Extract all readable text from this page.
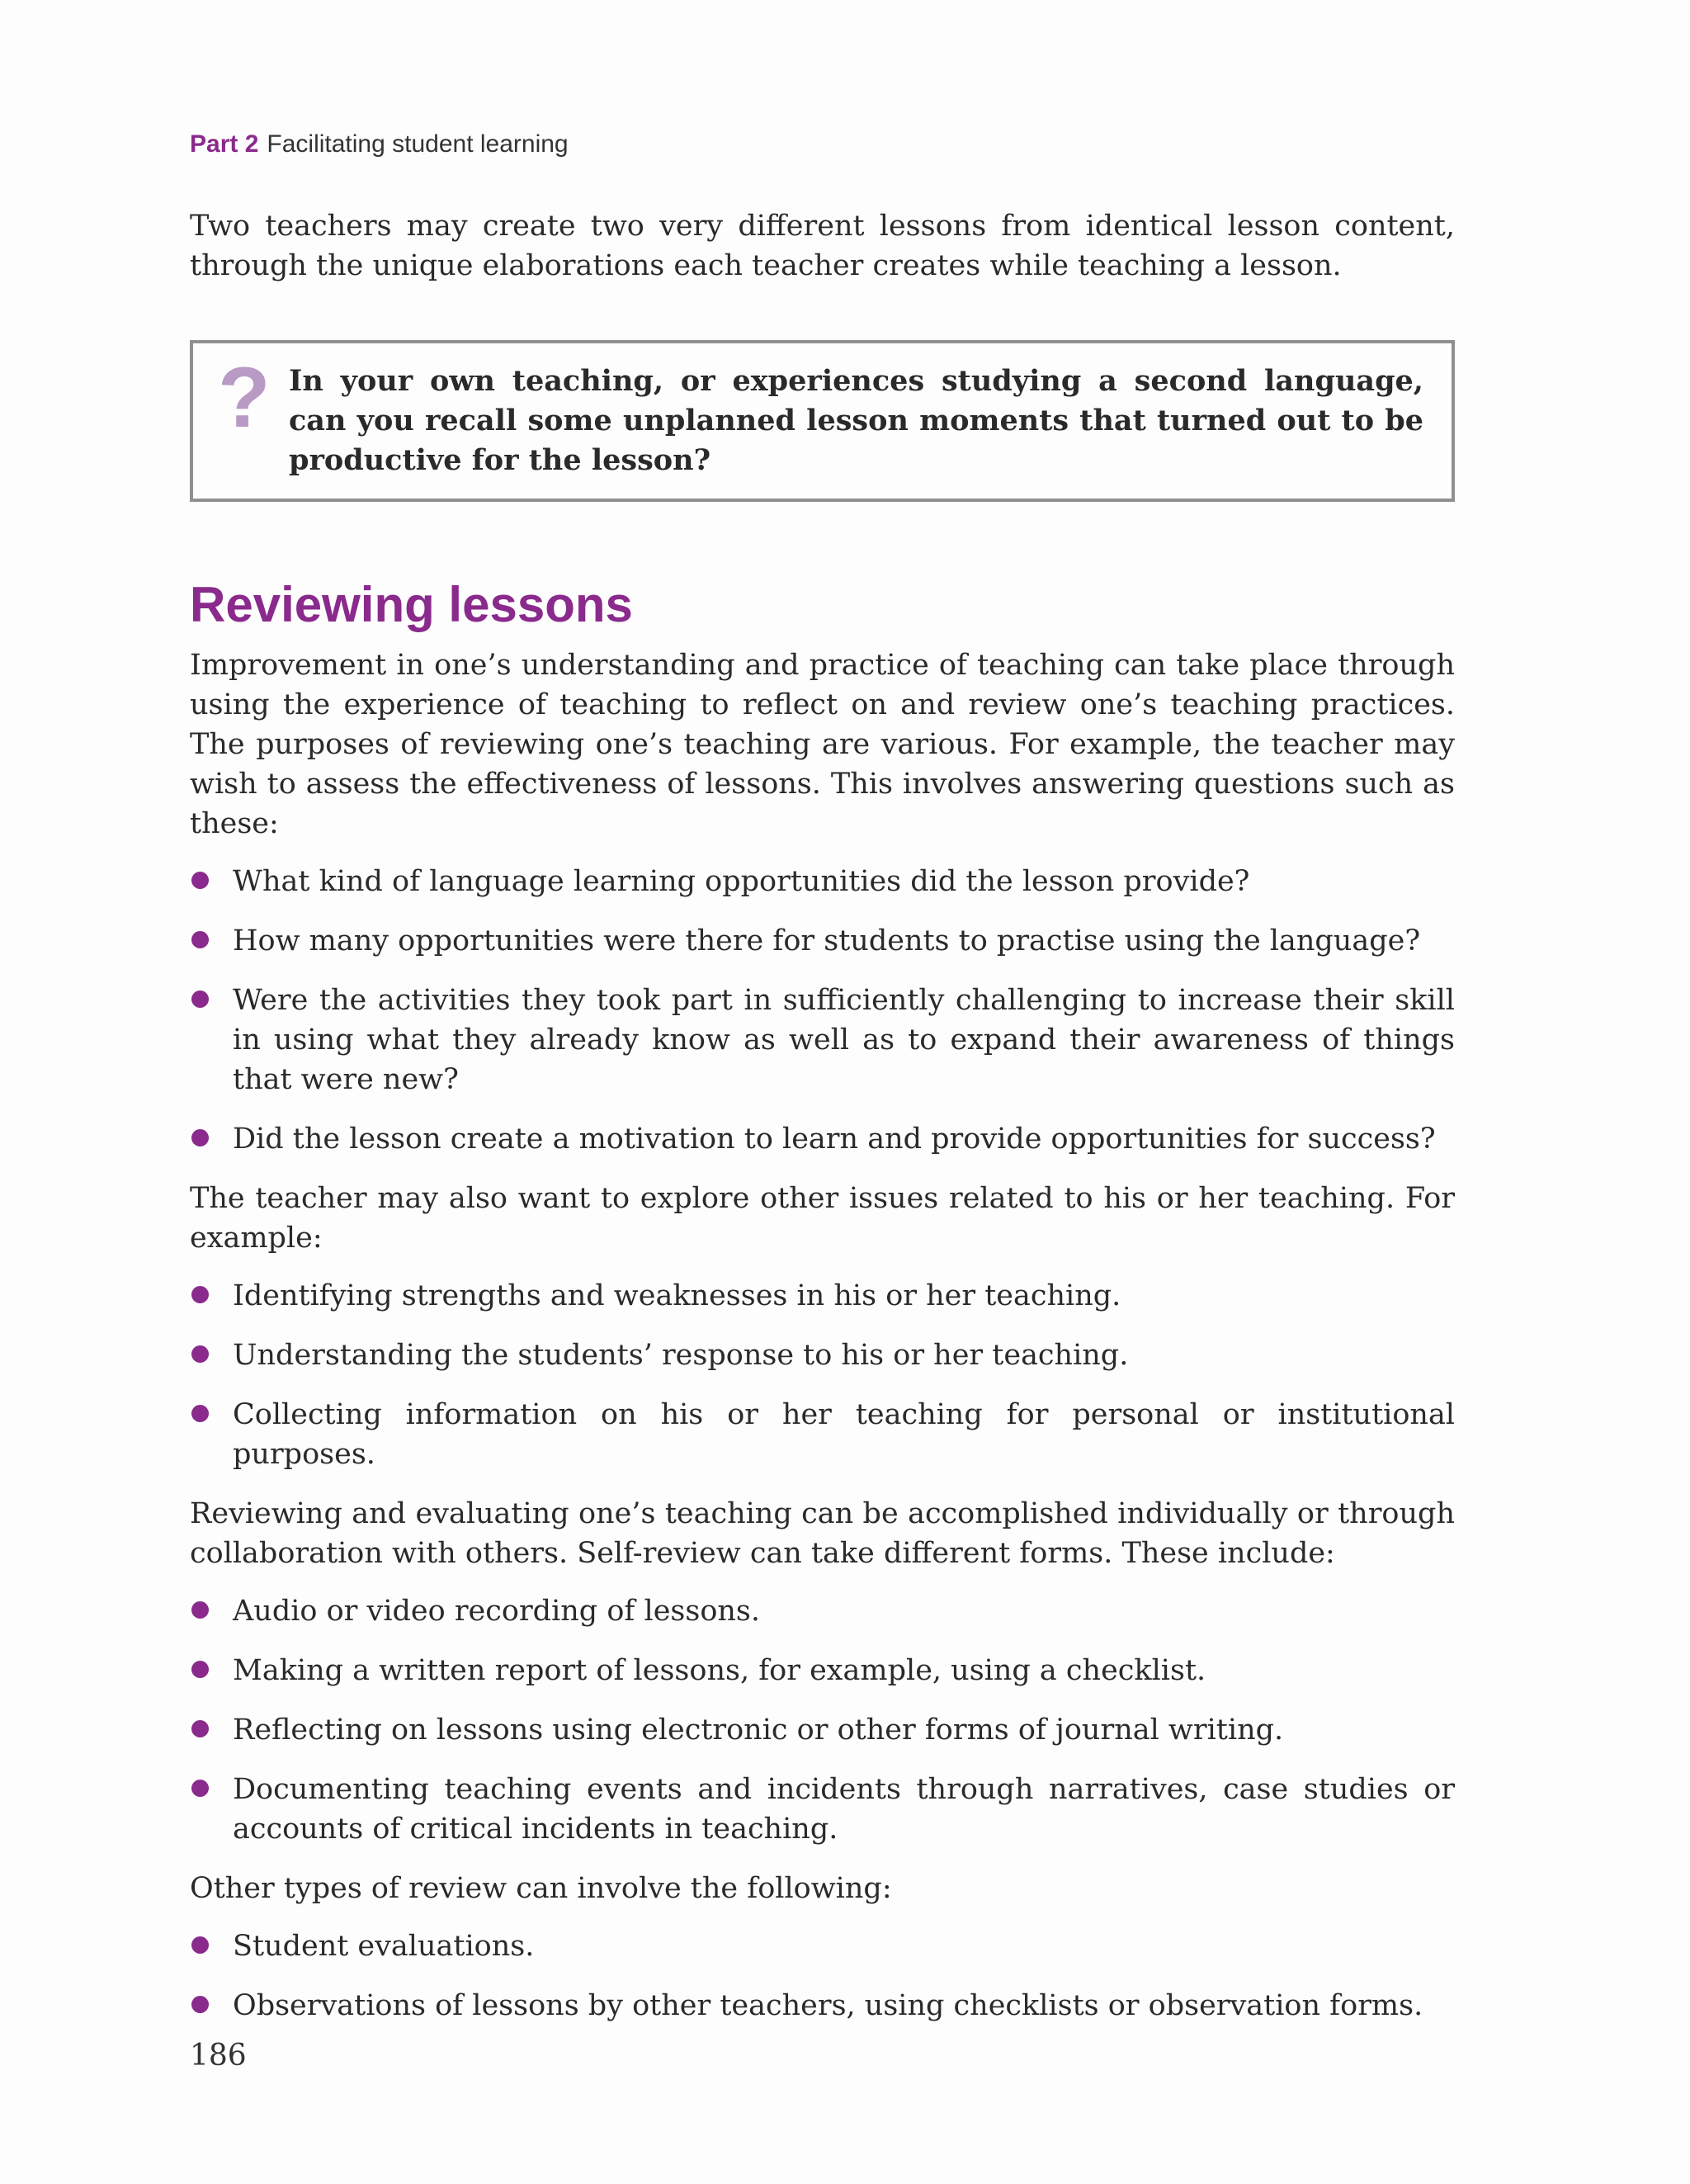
Part 2 Facilitating student learning

Two teachers may create two very different lessons from identical lesson content, through the unique elaborations each teacher creates while teaching a lesson.

? In your own teaching, or experiences studying a second language, can you recall some unplanned lesson moments that turned out to be productive for the lesson?
Reviewing lessons

Improvement in one’s understanding and practice of teaching can take place through using the experience of teaching to reflect on and review one’s teaching practices. The purposes of reviewing one’s teaching are various. For example, the teacher may wish to assess the effectiveness of lessons. This involves answering questions such as these:

What kind of language learning opportunities did the lesson provide?
How many opportunities were there for students to practise using the language?
Were the activities they took part in sufficiently challenging to increase their skill in using what they already know as well as to expand their awareness of things that were new?
Did the lesson create a motivation to learn and provide opportunities for success?

The teacher may also want to explore other issues related to his or her teaching. For example:

Identifying strengths and weaknesses in his or her teaching.
Understanding the students’ response to his or her teaching.
Collecting information on his or her teaching for personal or institutional purposes.

Reviewing and evaluating one’s teaching can be accomplished individually or through collaboration with others. Self-review can take different forms. These include:

Audio or video recording of lessons.
Making a written report of lessons, for example, using a checklist.
Reflecting on lessons using electronic or other forms of journal writing.
Documenting teaching events and incidents through narratives, case studies or accounts of critical incidents in teaching.

Other types of review can involve the following:

Student evaluations.
Observations of lessons by other teachers, using checklists or observation forms.
186
